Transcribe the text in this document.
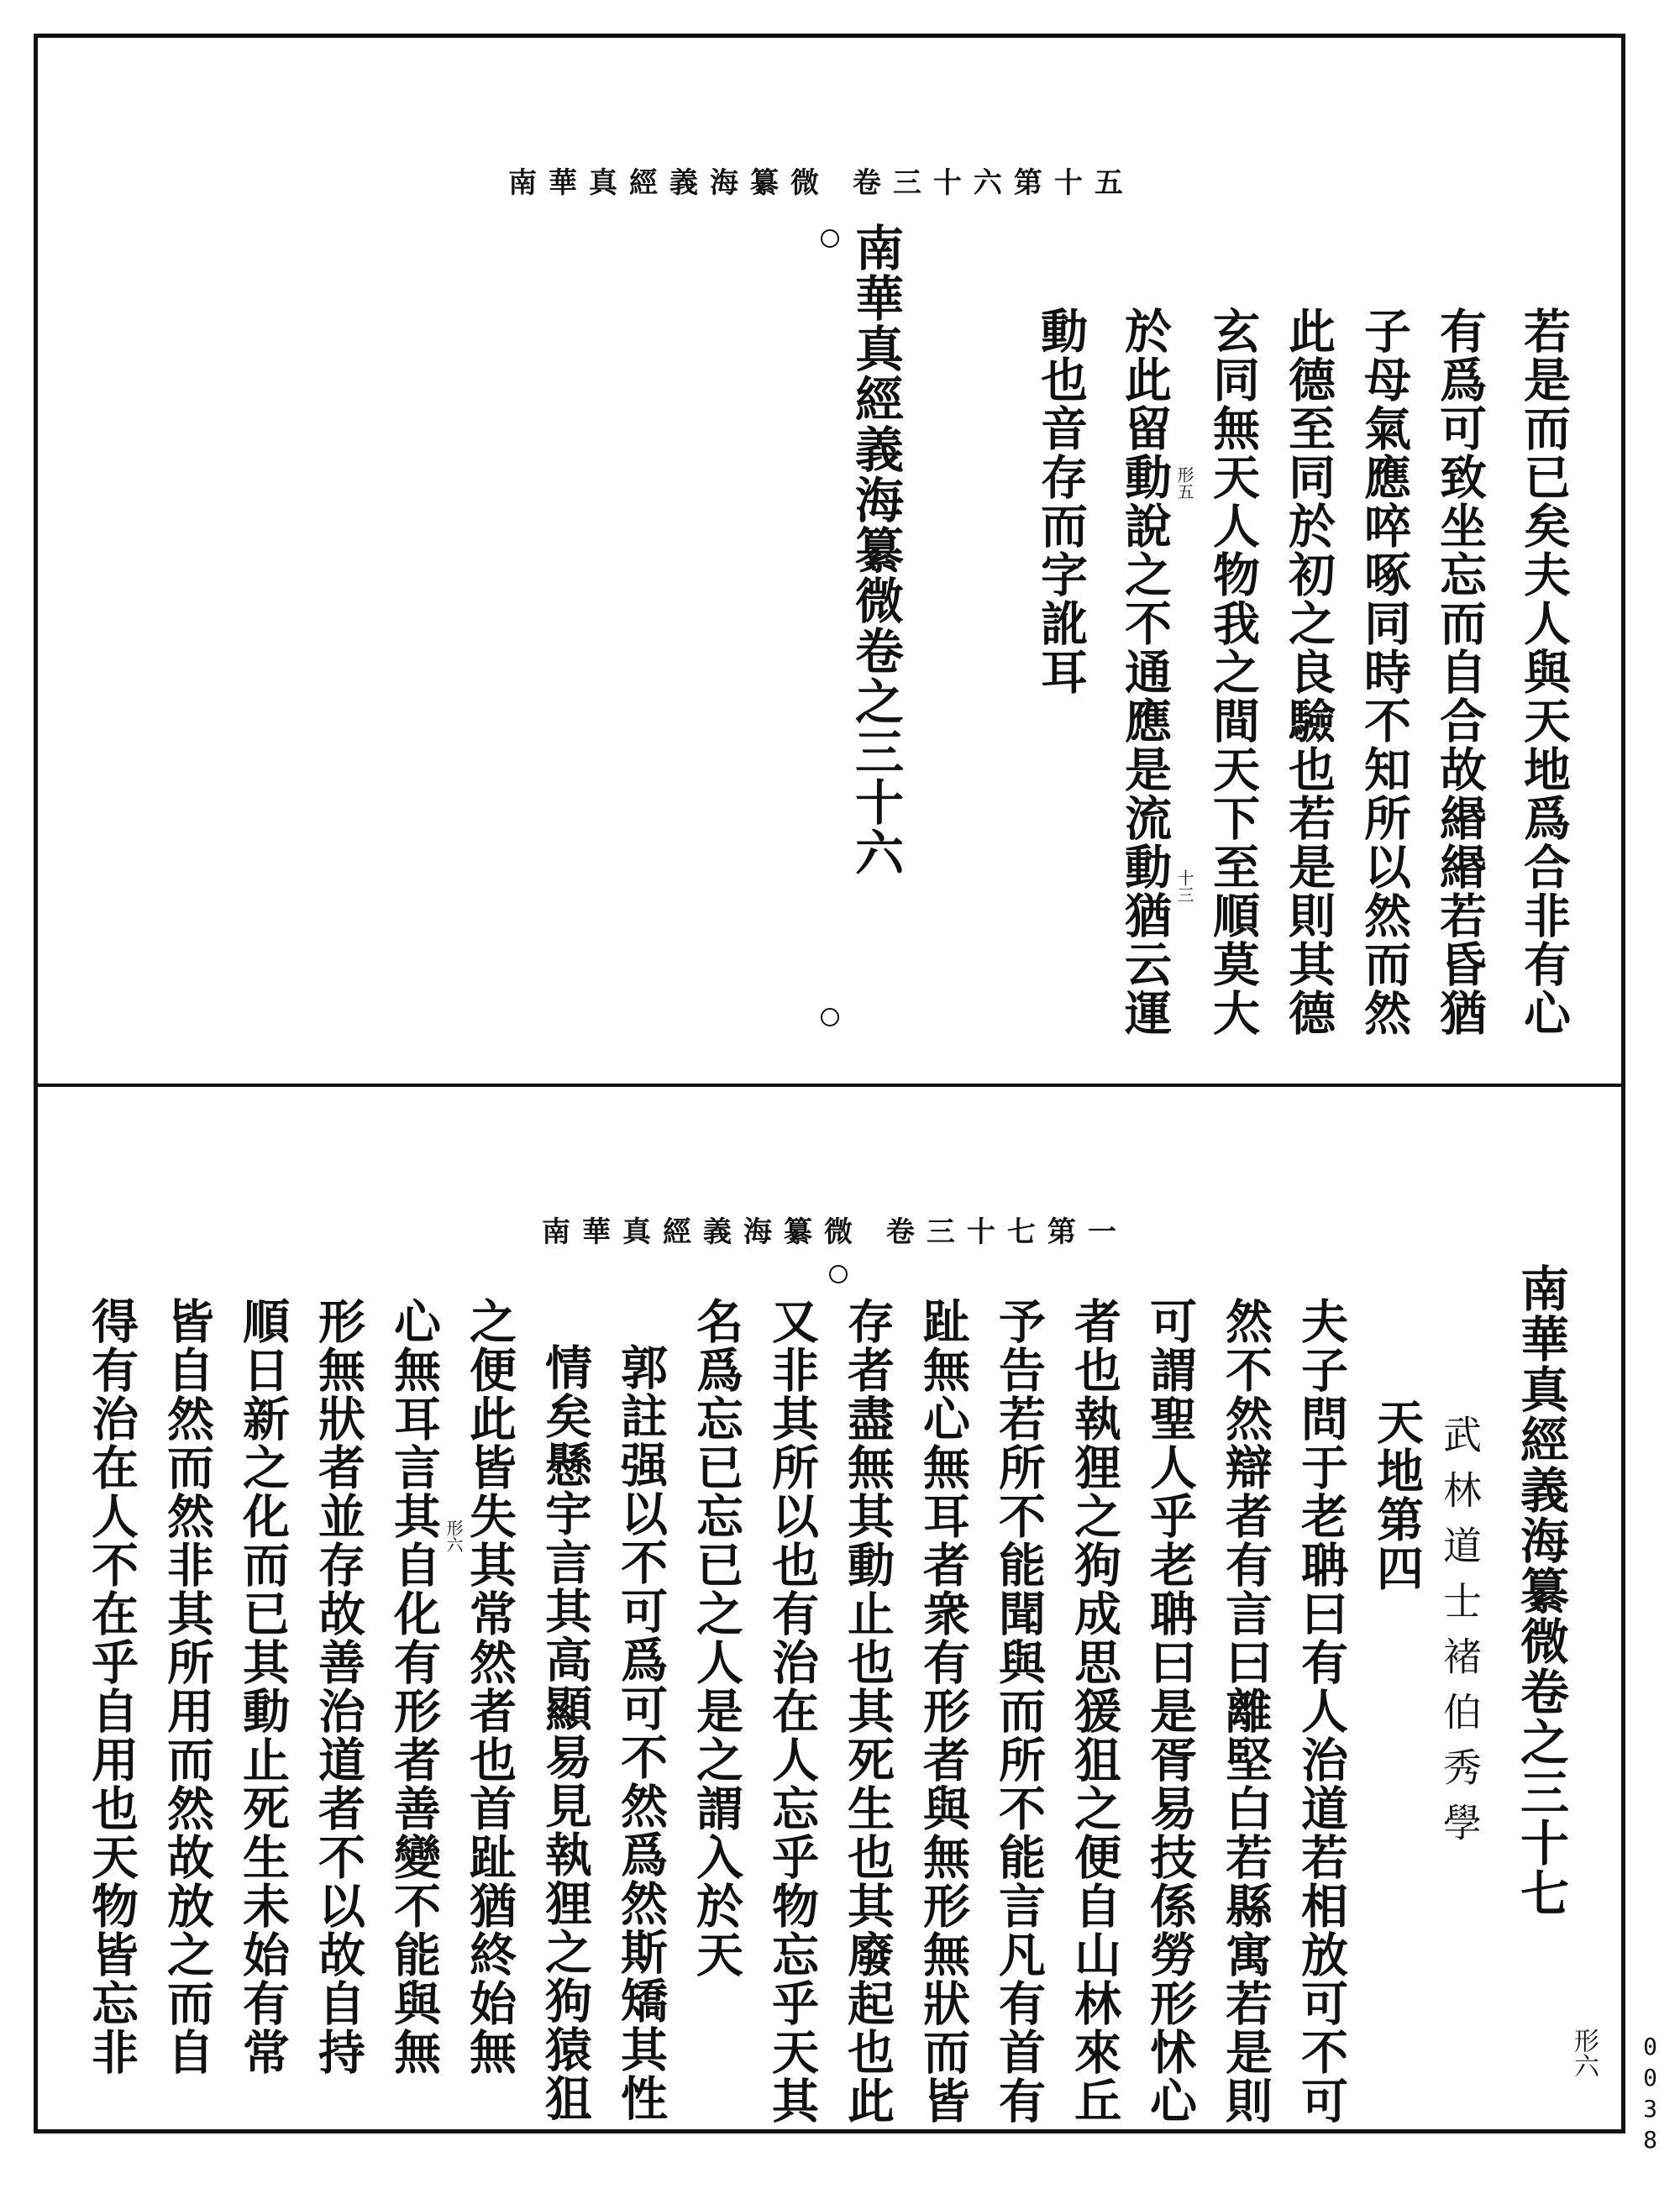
南華真經義海纂微 卷三十六第十五
若是而已矣夫人與天地爲合非有心
有爲可致坐忘而自合故緡緡若昏猶
子母氣應啐啄同時不知所以然而然
此德至同於初之良驗也若是則其德
玄同無天人物我之間天下至順莫大
於此留動說之不通應是流動猶云運
動也音存而字訛耳	形五
十三
南華真經義海纂微卷之三十六
南華真經義海纂微 卷三十七第一
南華真經義海纂微卷之三十七
武林道士褚伯秀學
天地第四
夫子問于老聃曰有人治道若相放可不可
然不然辯者有言曰離堅白若縣寓若是則
可謂聖人乎老聃曰是胥易技係勞形怵心
者也執狸之狗成思猨狙之便自山林來丘
予告若所不能聞與而所不能言凡有首有
趾無心無耳者衆有形者與無形無狀而皆
存者盡無其動止也其死生也其廢起也此
又非其所以也有治在人忘乎物忘乎天其
名爲忘已忘已之人是之謂入於天
郭註强以不可爲可不然爲然斯矯其性
情矣懸宇言其高顯易見執狸之狗猿狙
之便此皆失其常然者也首趾猶終始無
心無耳言其自化有形者善變不能與無
形無狀者並存故善治道者不以故自持
順日新之化而已其動止死生未始有常
皆自然而然非其所用而然故放之而自
得有治在人不在乎自用也天物皆忘非	形六
形六
0038
